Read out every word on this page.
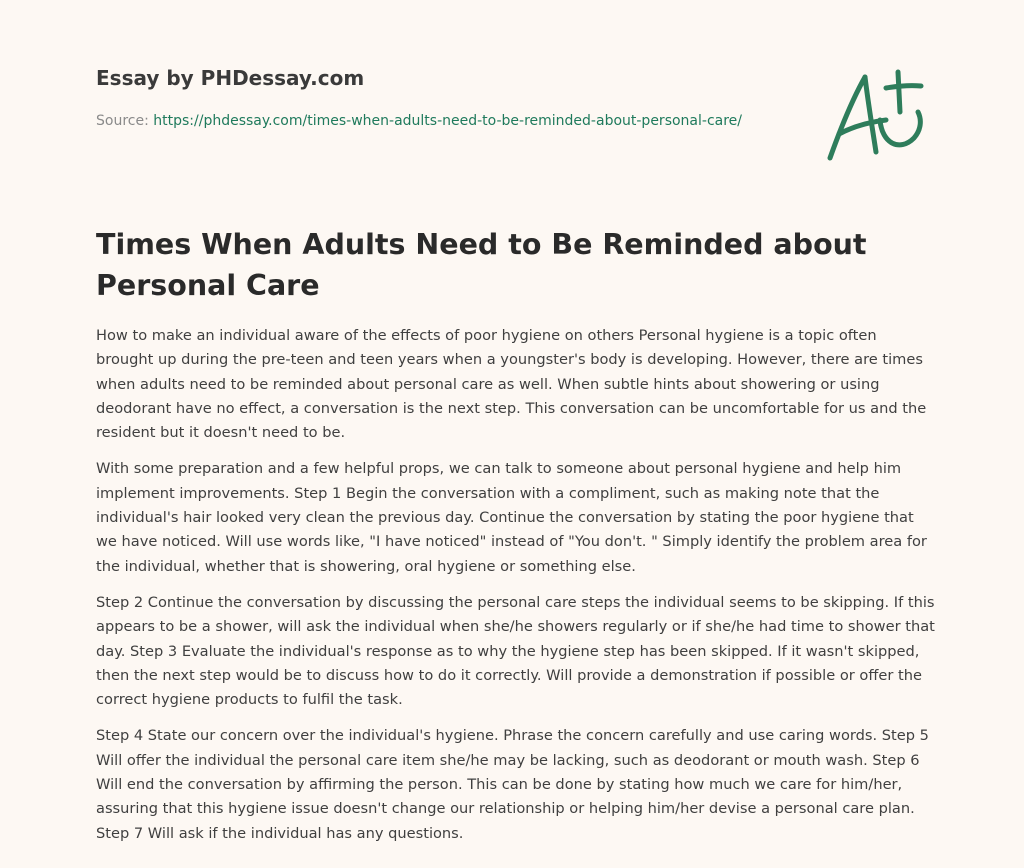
Essay by PHDessay.com
Source: https://phdessay.com/times-when-adults-need-to-be-reminded-about-personal-care/
Times When Adults Need to Be Reminded about Personal Care

How to make an individual aware of the effects of poor hygiene on others Personal hygiene is a topic often brought up during the pre-teen and teen years when a youngster's body is developing. However, there are times when adults need to be reminded about personal care as well. When subtle hints about showering or using deodorant have no effect, a conversation is the next step. This conversation can be uncomfortable for us and the resident but it doesn't need to be.

With some preparation and a few helpful props, we can talk to someone about personal hygiene and help him implement improvements. Step 1 Begin the conversation with a compliment, such as making note that the individual's hair looked very clean the previous day. Continue the conversation by stating the poor hygiene that we have noticed. Will use words like, "I have noticed" instead of "You don't. " Simply identify the problem area for the individual, whether that is showering, oral hygiene or something else.

Step 2 Continue the conversation by discussing the personal care steps the individual seems to be skipping. If this appears to be a shower, will ask the individual when she/he showers regularly or if she/he had time to shower that day. Step 3 Evaluate the individual's response as to why the hygiene step has been skipped. If it wasn't skipped, then the next step would be to discuss how to do it correctly. Will provide a demonstration if possible or offer the correct hygiene products to fulfil the task.

Step 4 State our concern over the individual's hygiene. Phrase the concern carefully and use caring words. Step 5 Will offer the individual the personal care item she/he may be lacking, such as deodorant or mouth wash. Step 6 Will end the conversation by affirming the person. This can be done by stating how much we care for him/her, assuring that this hygiene issue doesn't change our relationship or helping him/her devise a personal care plan. Step 7 Will ask if the individual has any questions.
